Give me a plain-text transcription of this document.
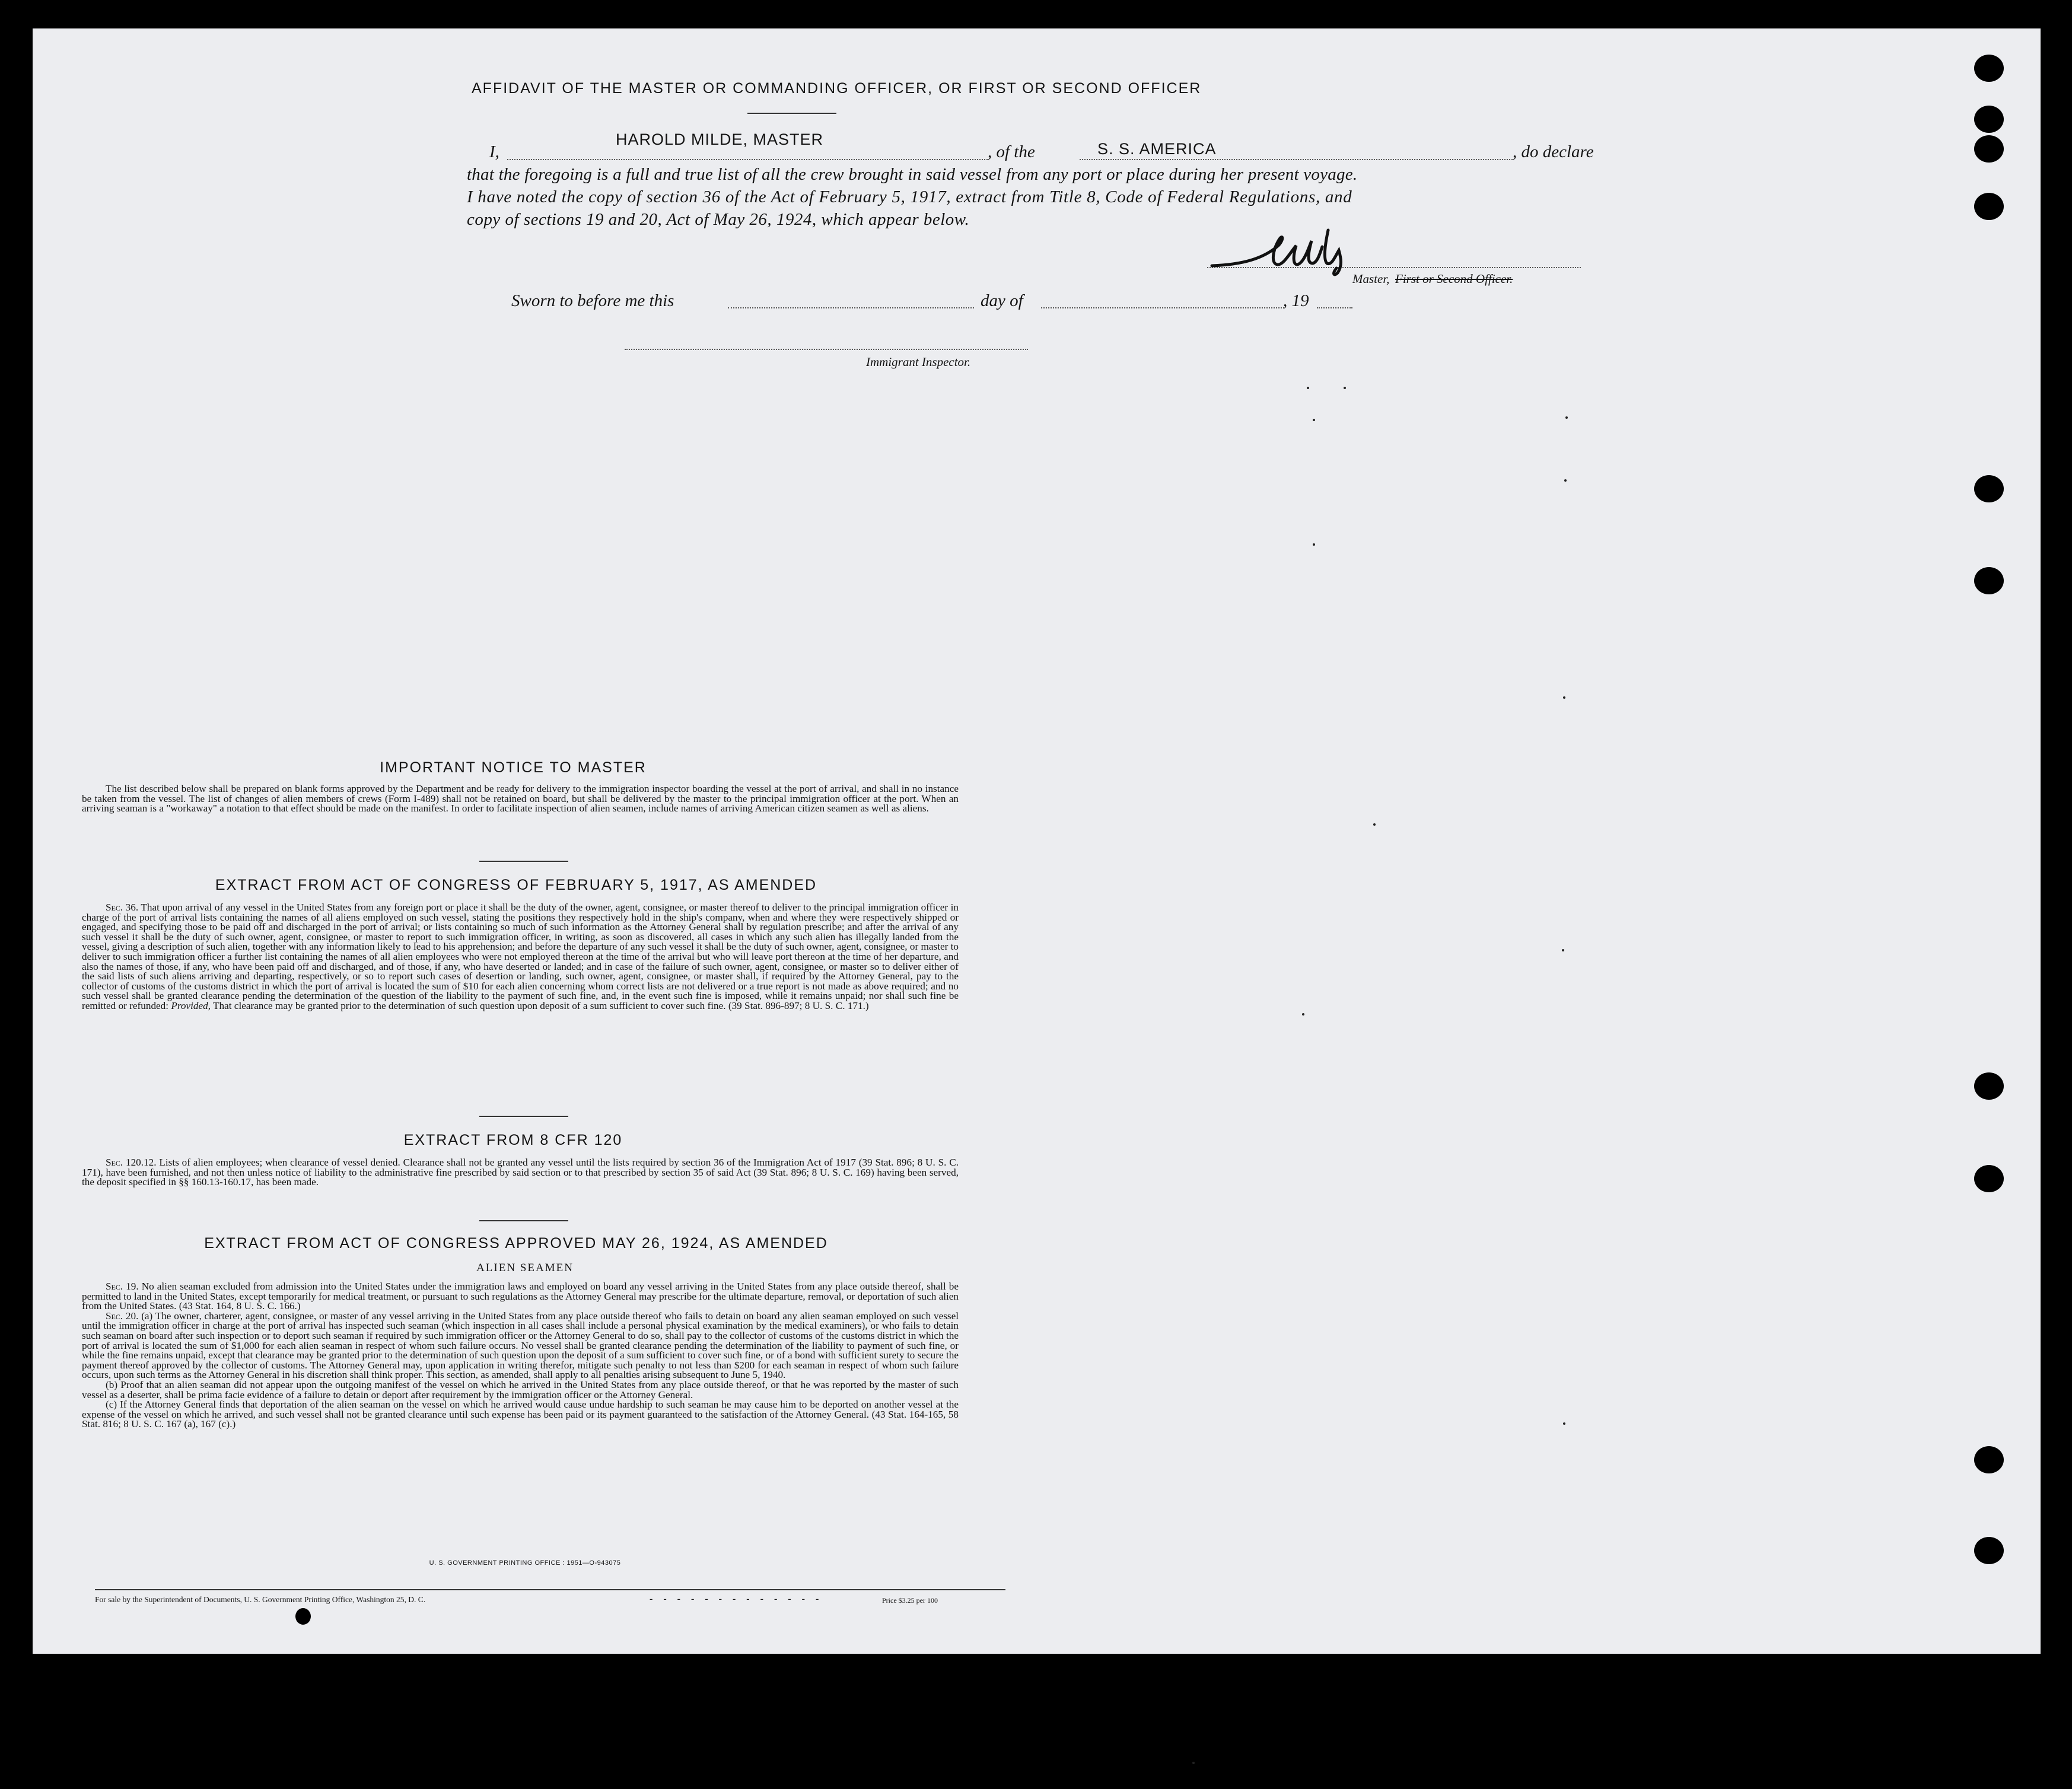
AFFIDAVIT OF THE MASTER OR COMMANDING OFFICER, OR FIRST OR SECOND OFFICER
I,
HAROLD MILDE, MASTER
, of the	S. S. AMERICA	, do declare
that the foregoing is a full and true list of all the crew brought in said vessel from any port or place during her present voyage.
I have noted the copy of section 36 of the Act of February 5, 1917, extract from Title 8, Code of Federal Regulations, and
copy of sections 19 and 20, Act of May 26, 1924, which appear below.
H Milde Master, First or Second Officer.
Sworn to before me this	day of	, 19
Immigrant Inspector.
IMPORTANT NOTICE TO MASTER

The list described below shall be prepared on blank forms approved by the Department and be ready for delivery to the immigration inspector boarding the vessel at the port of arrival, and shall in no instance be taken from the vessel. The list of changes of alien members of crews (Form I-489) shall not be retained on board, but shall be delivered by the master to the principal immigration officer at the port. When an arriving seaman is a "workaway" a notation to that effect should be made on the manifest. In order to facilitate inspection of alien seamen, include names of arriving American citizen seamen as well as aliens.

EXTRACT FROM ACT OF CONGRESS OF FEBRUARY 5, 1917, AS AMENDED

Sec. 36. That upon arrival of any vessel in the United States from any foreign port or place it shall be the duty of the owner, agent, consignee, or master thereof to deliver to the principal immigration officer in charge of the port of arrival lists containing the names of all aliens employed on such vessel, stating the positions they respectively hold in the ship's company, when and where they were respectively shipped or engaged, and specifying those to be paid off and discharged in the port of arrival; or lists containing so much of such information as the Attorney General shall by regulation prescribe; and after the arrival of any such vessel it shall be the duty of such owner, agent, consignee, or master to report to such immigration officer, in writing, as soon as discovered, all cases in which any such alien has illegally landed from the vessel, giving a description of such alien, together with any information likely to lead to his apprehension; and before the departure of any such vessel it shall be the duty of such owner, agent, consignee, or master to deliver to such immigration officer a further list containing the names of all alien employees who were not employed thereon at the time of the arrival but who will leave port thereon at the time of her departure, and also the names of those, if any, who have been paid off and discharged, and of those, if any, who have deserted or landed; and in case of the failure of such owner, agent, consignee, or master so to deliver either of the said lists of such aliens arriving and departing, respectively, or so to report such cases of desertion or landing, such owner, agent, consignee, or master shall, if required by the Attorney General, pay to the collector of customs of the customs district in which the port of arrival is located the sum of $10 for each alien concerning whom correct lists are not delivered or a true report is not made as above required; and no such vessel shall be granted clearance pending the determination of the question of the liability to the payment of such fine, and, in the event such fine is imposed, while it remains unpaid; nor shall such fine be remitted or refunded: Provided, That clearance may be granted prior to the determination of such question upon deposit of a sum sufficient to cover such fine. (39 Stat. 896-897; 8 U. S. C. 171.)

EXTRACT FROM 8 CFR 120

Sec. 120.12. Lists of alien employees; when clearance of vessel denied. Clearance shall not be granted any vessel until the lists required by section 36 of the Immigration Act of 1917 (39 Stat. 896; 8 U. S. C. 171), have been furnished, and not then unless notice of liability to the administrative fine prescribed by said section or to that prescribed by section 35 of said Act (39 Stat. 896; 8 U. S. C. 169) having been served, the deposit specified in §§ 160.13-160.17, has been made.

EXTRACT FROM ACT OF CONGRESS APPROVED MAY 26, 1924, AS AMENDED
ALIEN SEAMEN

Sec. 19. No alien seaman excluded from admission into the United States under the immigration laws and employed on board any vessel arriving in the United States from any place outside thereof, shall be permitted to land in the United States, except temporarily for medical treatment, or pursuant to such regulations as the Attorney General may prescribe for the ultimate departure, removal, or deportation of such alien from the United States. (43 Stat. 164, 8 U. S. C. 166.)

Sec. 20. (a) The owner, charterer, agent, consignee, or master of any vessel arriving in the United States from any place outside thereof who fails to detain on board any alien seaman employed on such vessel until the immigration officer in charge at the port of arrival has inspected such seaman (which inspection in all cases shall include a personal physical examination by the medical examiners), or who fails to detain such seaman on board after such inspection or to deport such seaman if required by such immigration officer or the Attorney General to do so, shall pay to the collector of customs of the customs district in which the port of arrival is located the sum of $1,000 for each alien seaman in respect of whom such failure occurs. No vessel shall be granted clearance pending the determination of the liability to payment of such fine, or while the fine remains unpaid, except that clearance may be granted prior to the determination of such question upon the deposit of a sum sufficient to cover such fine, or of a bond with sufficient surety to secure the payment thereof approved by the collector of customs. The Attorney General may, upon application in writing therefor, mitigate such penalty to not less than $200 for each seaman in respect of whom such failure occurs, upon such terms as the Attorney General in his discretion shall think proper. This section, as amended, shall apply to all penalties arising subsequent to June 5, 1940.

(b) Proof that an alien seaman did not appear upon the outgoing manifest of the vessel on which he arrived in the United States from any place outside thereof, or that he was reported by the master of such vessel as a deserter, shall be prima facie evidence of a failure to detain or deport after requirement by the immigration officer or the Attorney General.

(c) If the Attorney General finds that deportation of the alien seaman on the vessel on which he arrived would cause undue hardship to such seaman he may cause him to be deported on another vessel at the expense of the vessel on which he arrived, and such vessel shall not be granted clearance until such expense has been paid or its payment guaranteed to the satisfaction of the Attorney General. (43 Stat. 164-165, 58 Stat. 816; 8 U. S. C. 167 (a), 167 (c).)

U. S. GOVERNMENT PRINTING OFFICE : 1951—O-943075
For sale by the Superintendent of Documents, U. S. Government Printing Office, Washington 25, D. C.	- - - - - - - - - - - - -	Price $3.25 per 100
